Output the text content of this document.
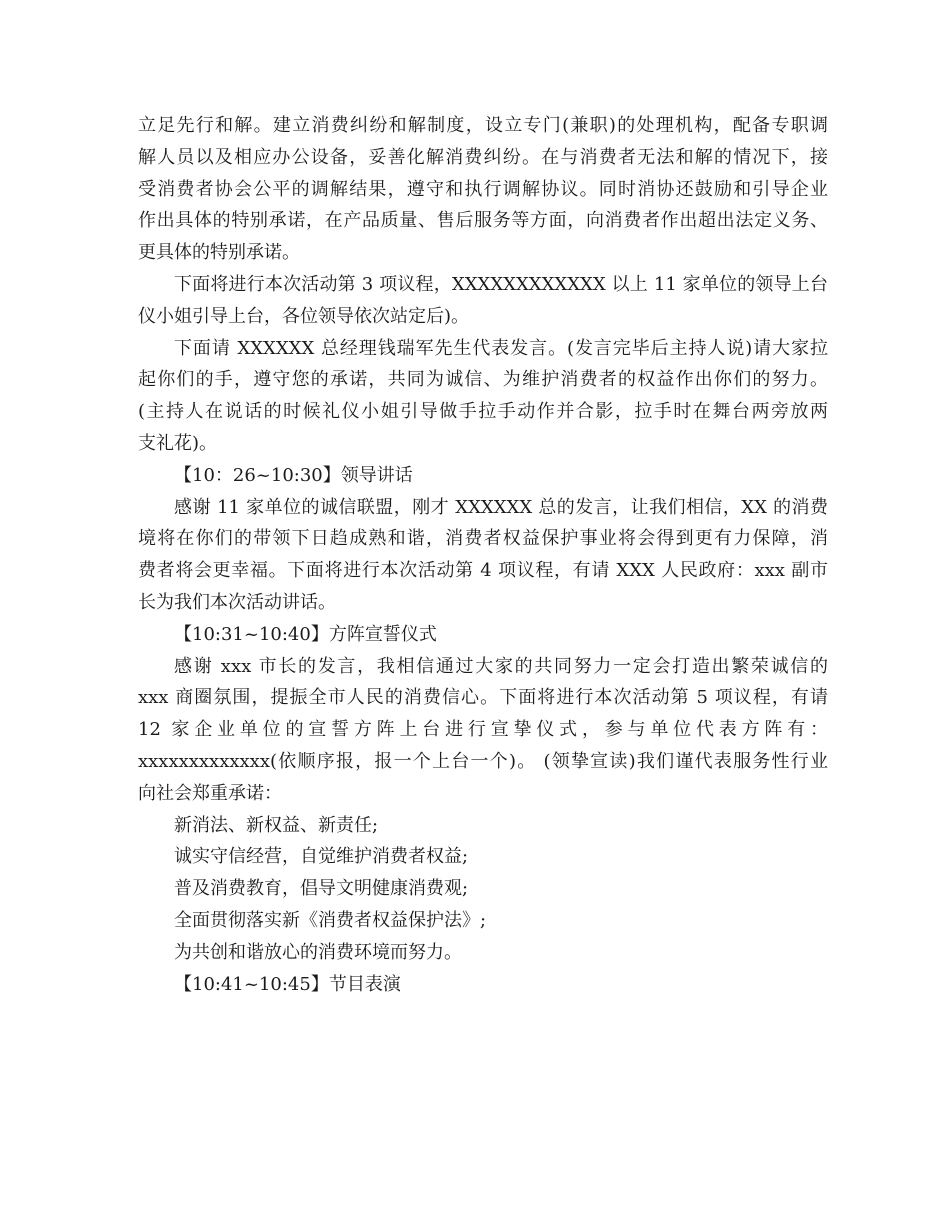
立足先行和解。建立消费纠纷和解制度，设立专门(兼职)的处理机构，配备专职调
解人员以及相应办公设备，妥善化解消费纠纷。在与消费者无法和解的情况下，接
受消费者协会公平的调解结果，遵守和执行调解协议。同时消协还鼓励和引导企业
作出具体的特别承诺，在产品质量、售后服务等方面，向消费者作出超出法定义务、
更具体的特别承诺。
下面将进行本次活动第 3 项议程，XXXXXXXXXXXX 以上 11 家单位的领导上台
仪小姐引导上台，各位领导依次站定后)。
下面请 XXXXXX 总经理钱瑞军先生代表发言。(发言完毕后主持人说)请大家拉
起你们的手，遵守您的承诺，共同为诚信、为维护消费者的权益作出你们的努力。
(主持人在说话的时候礼仪小姐引导做手拉手动作并合影，拉手时在舞台两旁放两
支礼花)。
【10：26~10:30】领导讲话
感谢 11 家单位的诚信联盟，刚才 XXXXXX 总的发言，让我们相信，XX 的消费
境将在你们的带领下日趋成熟和谐，消费者权益保护事业将会得到更有力保障，消
费者将会更幸福。下面将进行本次活动第 4 项议程，有请 XXX 人民政府：xxx 副市
长为我们本次活动讲话。
【10:31~10:40】方阵宣誓仪式
感谢 xxx 市长的发言，我相信通过大家的共同努力一定会打造出繁荣诚信的
xxx 商圈氛围，提振全市人民的消费信心。下面将进行本次活动第 5 项议程，有请
12 家企业单位的宣誓方阵上台进行宣挚仪式，参与单位代表方阵有：
xxxxxxxxxxxxx(依顺序报，报一个上台一个)。 (领挚宣读)我们谨代表服务性行业
向社会郑重承诺：
新消法、新权益、新责任;
诚实守信经营，自觉维护消费者权益;
普及消费教育，倡导文明健康消费观;
全面贯彻落实新《消费者权益保护法》;
为共创和谐放心的消费环境而努力。
【10:41~10:45】节目表演
